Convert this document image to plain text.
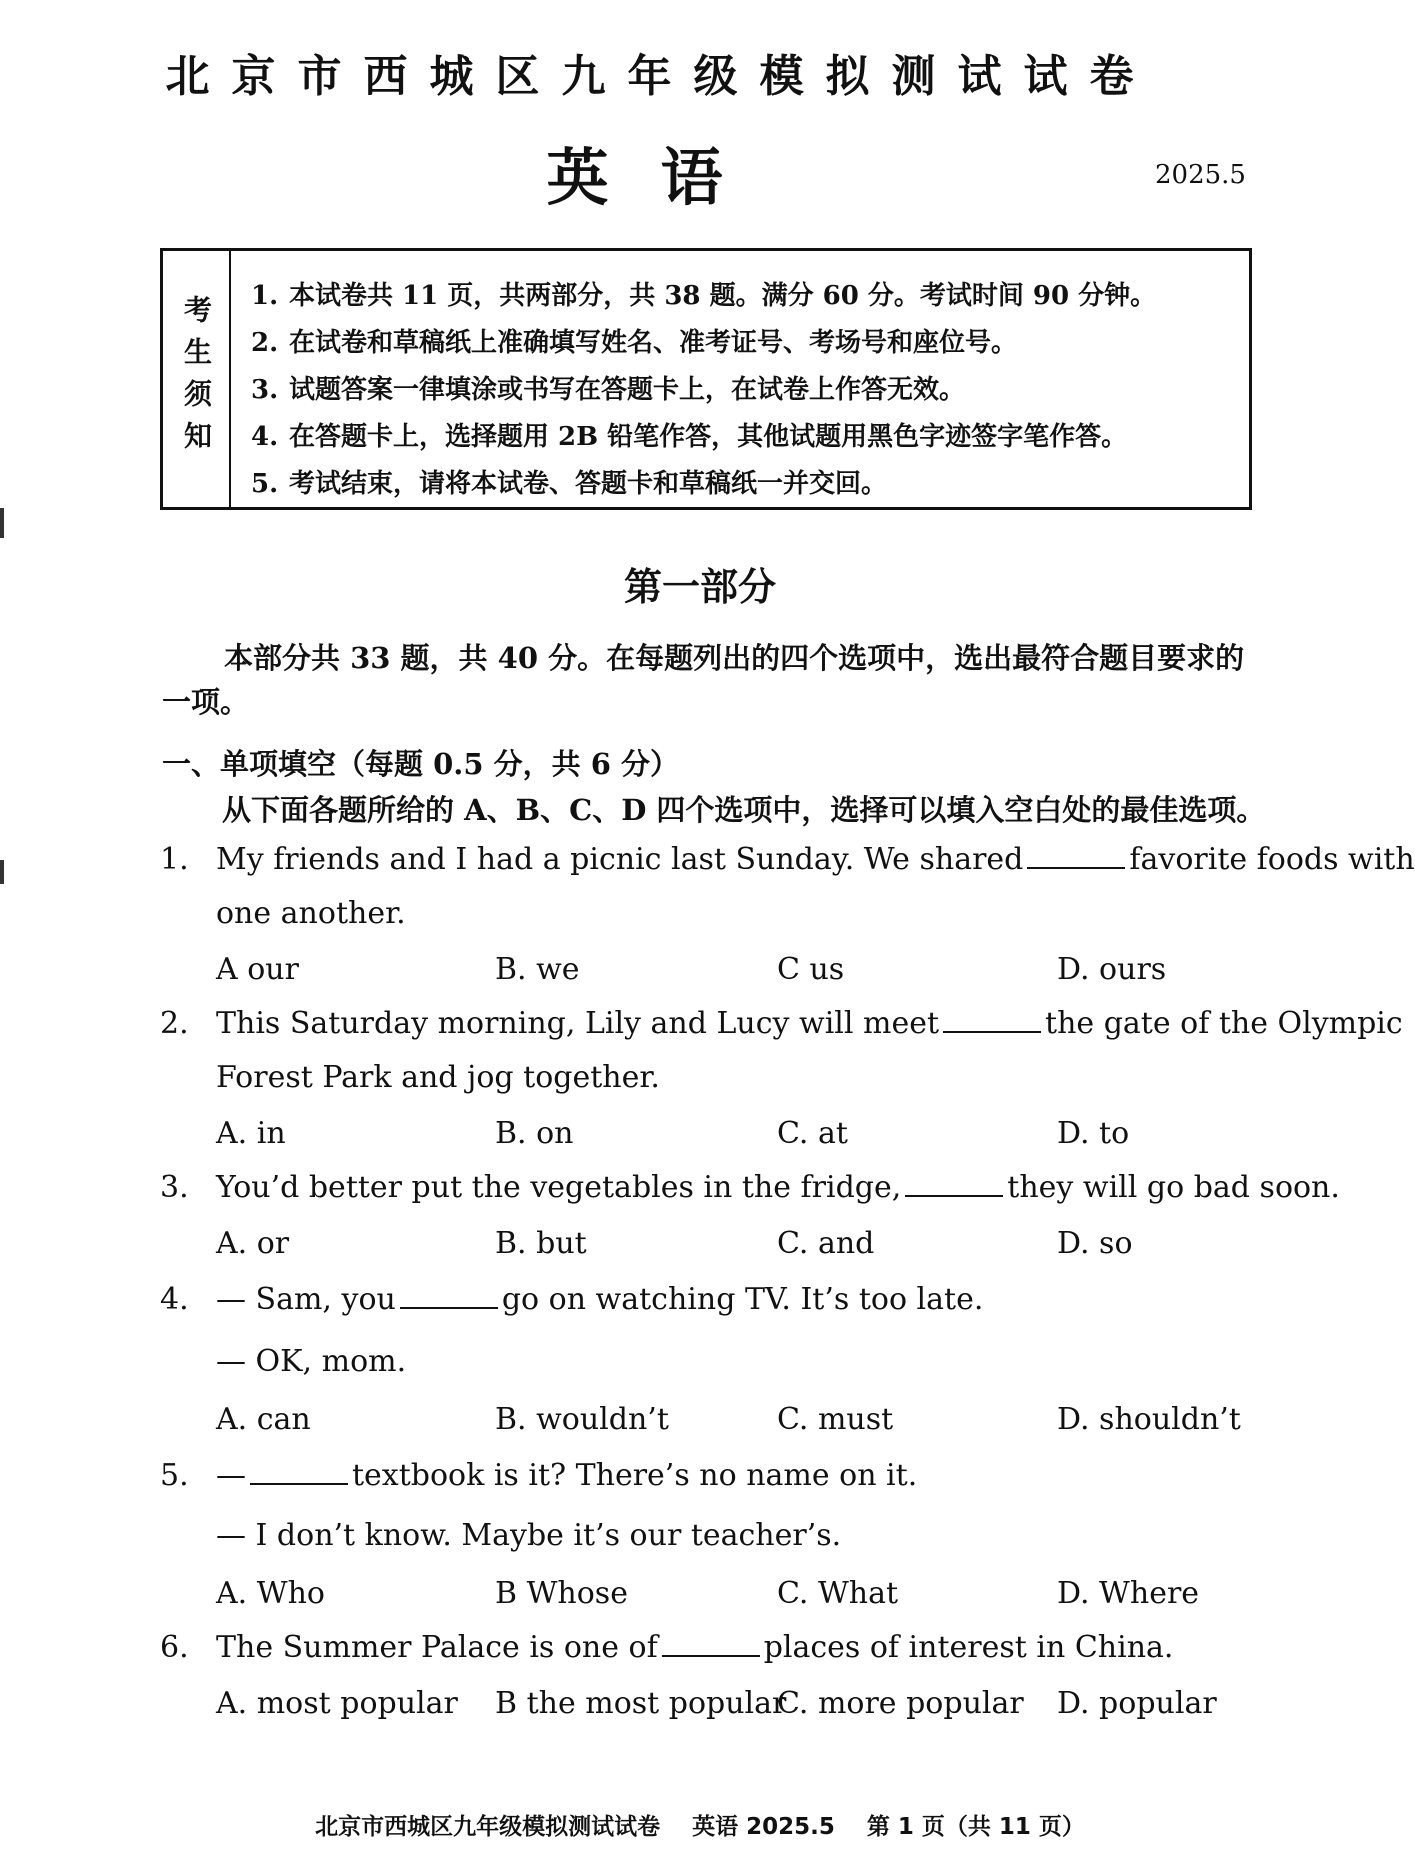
北京市西城区九年级模拟测试试卷
英语	2025.5
考生须知 1. 本试卷共 11 页，共两部分，共 38 题。满分 60 分。考试时间 90 分钟。
2. 在试卷和草稿纸上准确填写姓名、准考证号、考场号和座位号。
3. 试题答案一律填涂或书写在答题卡上，在试卷上作答无效。
4. 在答题卡上，选择题用 2B 铅笔作答，其他试题用黑色字迹签字笔作答。
5. 考试结束，请将本试卷、答题卡和草稿纸一并交回。
第一部分
本部分共 33 题，共 40 分。在每题列出的四个选项中，选出最符合题目要求的一项。
一、单项填空（每题 0.5 分，共 6 分）
从下面各题所给的 A、B、C、D 四个选项中，选择可以填入空白处的最佳选项。
1. My friends and I had a picnic last Sunday. We shared	favorite foods with
one another.
A our	B. we	C us	D. ours
2. This Saturday morning, Lily and Lucy will meet	the gate of the Olympic
Forest Park and jog together.
A. in	B. on	C. at	D. to
3. You’d better put the vegetables in the fridge,	they will go bad soon.
A. or	B. but	C. and	D. so
4. — Sam, you	go on watching TV. It’s too late.
— OK, mom.
A. can	B. wouldn’t	C. must	D. shouldn’t
5. —	textbook is it? There’s no name on it.
— I don’t know. Maybe it’s our teacher’s.
A. Who	B Whose	C. What	D. Where
6. The Summer Palace is one of	places of interest in China.
A. most popular B the most popular
C. more popular D. popular
北京市西城区九年级模拟测试试卷 英语 2025.5 第 1 页（共 11 页）
